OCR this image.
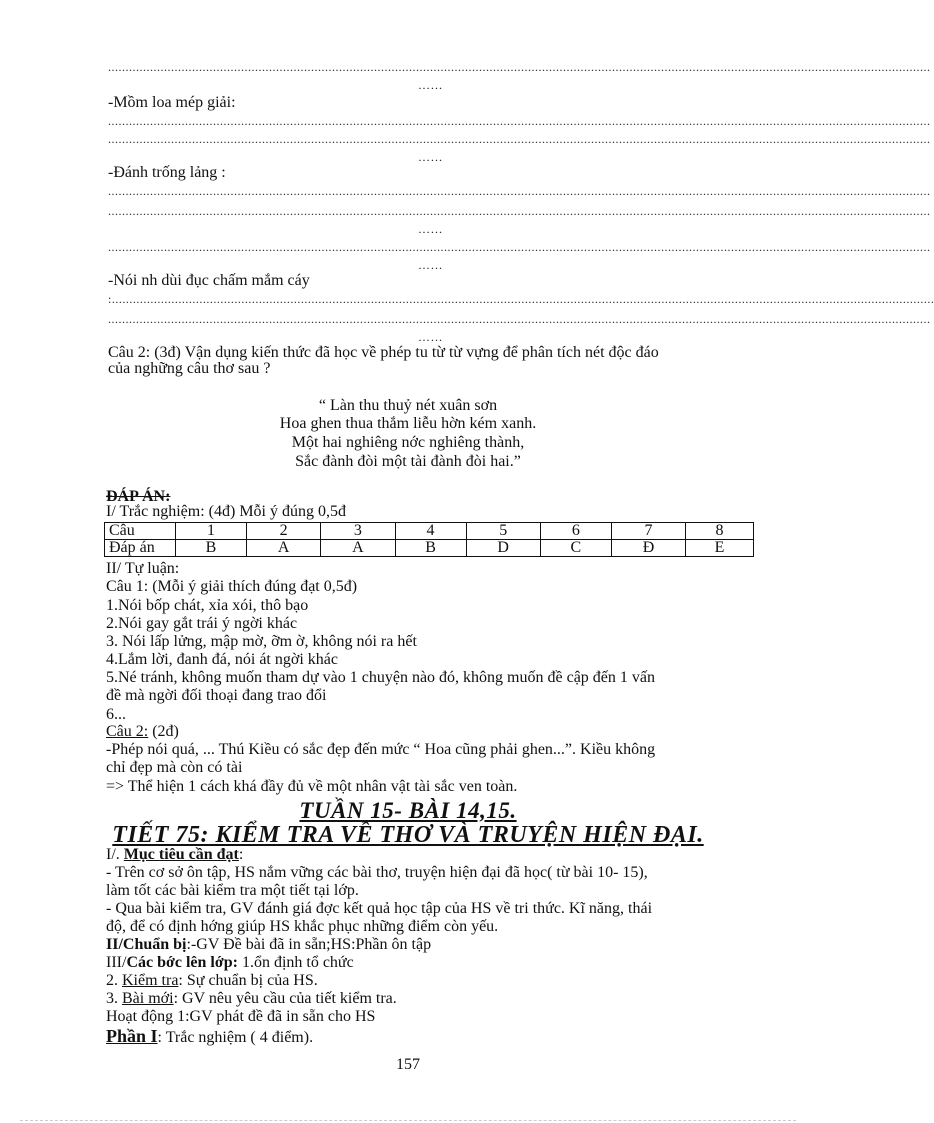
...........................................................................................................................................................................................................................................
……
-Mồm loa mép giải:
...........................................................................................................................................................................................................................................
...........................................................................................................................................................................................................................................
……
-Đánh trống lảng :
...........................................................................................................................................................................................................................................
...........................................................................................................................................................................................................................................
……
...........................................................................................................................................................................................................................................
……
-Nói nh dùi đục chấm mắm cáy
:...........................................................................................................................................................................................................................................
...........................................................................................................................................................................................................................................
……
Câu 2: (3đ) Vận dụng kiến thức đã học về phép tu từ từ vựng để phân tích nét độc đáo
của nghững câu thơ sau ?
“ Làn thu thuỷ nét xuân sơn
Hoa ghen thua thắm liễu hờn kém xanh.
Một hai nghiêng nớc nghiêng thành,
Sắc đành đòi một tài đành đòi hai.”
ĐÁP ÁN:
I/ Trắc nghiệm: (4đ) Mỗi ý đúng 0,5đ
Câu	1	2	3	4	5	6	7	8
Đáp án	B	A	A	B	D	C	Đ	E
II/ Tự luận:
Câu 1: (Mỗi ý giải thích đúng đạt 0,5đ)
1.Nói bốp chát, xỉa xói, thô bạo
2.Nói gay gắt trái ý ngời khác
3. Nói lấp lửng, mập mờ, ỡm ờ, không nói ra hết
4.Lắm lời, đanh đá, nói át ngời khác
5.Né tránh, không muốn tham dự vào 1 chuyện nào đó, không muốn đề cập đến 1 vấn
đề mà ngời đối thoại đang trao đổi
6...
Câu 2: (2đ)
-Phép nói quá, ... Thú Kiều có sắc đẹp đến mức “ Hoa cũng phải ghen...”. Kiều không
chỉ đẹp mà còn có tài
=> Thể hiện 1 cách khá đầy đủ về một nhân vật tài sắc ven toàn.
TUẦN 15- BÀI 14,15.
TIẾT 75: KIỂM TRA VỀ THƠ VÀ TRUYỆN HIỆN ĐẠI.
I/. Mục tiêu cần đạt:
- Trên cơ sở ôn tập, HS nắm vững các bài thơ, truyện hiện đại đã học( từ bài 10- 15),
làm tốt các bài kiểm tra một tiết tại lớp.
- Qua bài kiểm tra, GV đánh giá đợc kết quả học tập của HS về tri thức. Kĩ năng, thái
độ, để có định hớng giúp HS khắc phục những điểm còn yếu.
II/Chuẩn bị:-GV Đề bài đã in sẵn;HS:Phần ôn tập
III/Các bớc lên lớp: 1.ổn định tổ chức
2. Kiểm tra: Sự chuẩn bị của HS.
3. Bài mới: GV nêu yêu cầu của tiết kiểm tra.
Hoạt động 1:GV phát đề đã in sẵn cho HS
Phần I: Trắc nghiệm ( 4 điểm).
157
